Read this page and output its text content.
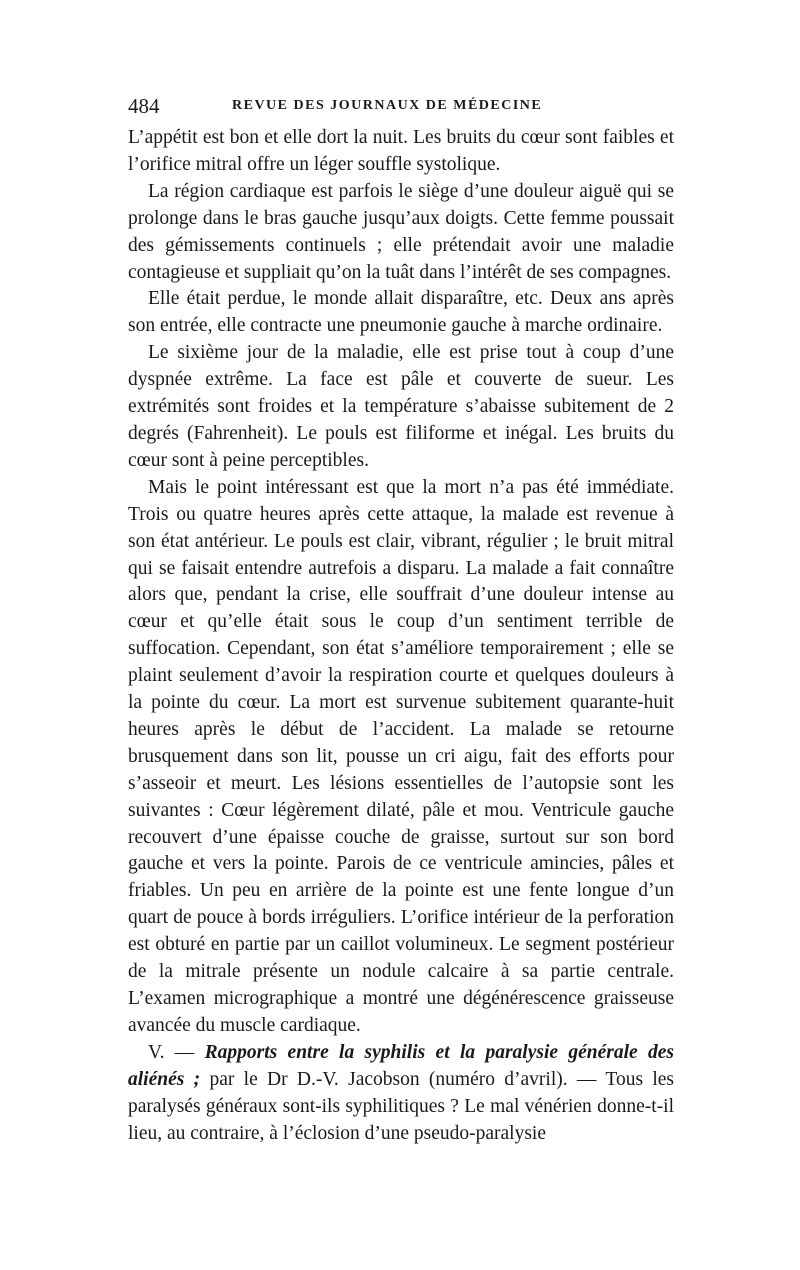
484	REVUE DES JOURNAUX DE MÉDECINE

L’appétit est bon et elle dort la nuit. Les bruits du cœur sont faibles et l’orifice mitral offre un léger souffle systolique.

La région cardiaque est parfois le siège d’une douleur aiguë qui se prolonge dans le bras gauche jusqu’aux doigts. Cette femme poussait des gémissements continuels ; elle prétendait avoir une maladie contagieuse et suppliait qu’on la tuât dans l’intérêt de ses compagnes.

Elle était perdue, le monde allait disparaître, etc. Deux ans après son entrée, elle contracte une pneumonie gauche à marche ordinaire.

Le sixième jour de la maladie, elle est prise tout à coup d’une dyspnée extrême. La face est pâle et couverte de sueur. Les extrémités sont froides et la température s’abaisse subitement de 2 degrés (Fahrenheit). Le pouls est filiforme et inégal. Les bruits du cœur sont à peine perceptibles.

Mais le point intéressant est que la mort n’a pas été immédiate. Trois ou quatre heures après cette attaque, la malade est revenue à son état antérieur. Le pouls est clair, vibrant, régulier ; le bruit mitral qui se faisait entendre autrefois a disparu. La malade a fait connaître alors que, pendant la crise, elle souffrait d’une douleur intense au cœur et qu’elle était sous le coup d’un sentiment terrible de suffocation. Cependant, son état s’améliore temporairement ; elle se plaint seulement d’avoir la respiration courte et quelques douleurs à la pointe du cœur. La mort est survenue subitement quarante-huit heures après le début de l’accident. La malade se retourne brusquement dans son lit, pousse un cri aigu, fait des efforts pour s’asseoir et meurt. Les lésions essentielles de l’autopsie sont les suivantes : Cœur légèrement dilaté, pâle et mou. Ventricule gauche recouvert d’une épaisse couche de graisse, surtout sur son bord gauche et vers la pointe. Parois de ce ventricule amincies, pâles et friables. Un peu en arrière de la pointe est une fente longue d’un quart de pouce à bords irréguliers. L’orifice intérieur de la perforation est obturé en partie par un caillot volumineux. Le segment postérieur de la mitrale présente un nodule calcaire à sa partie centrale. L’examen micrographique a montré une dégénérescence graisseuse avancée du muscle cardiaque.

V. — Rapports entre la syphilis et la paralysie générale des aliénés ; par le Dr D.-V. Jacobson (numéro d’avril). — Tous les paralysés généraux sont-ils syphilitiques ? Le mal vénérien donne-t-il lieu, au contraire, à l’éclosion d’une pseudo-paralysie
